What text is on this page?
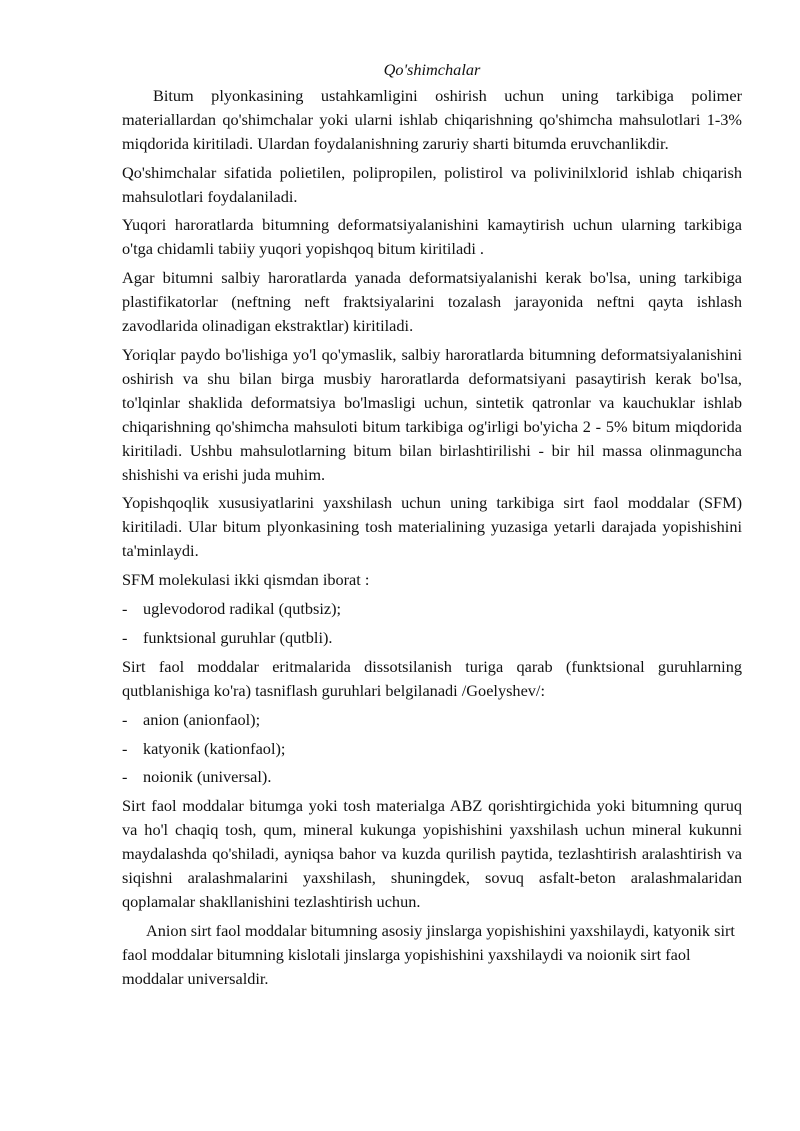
Qo'shimchalar

Bitum plyonkasining ustahkamligini oshirish uchun uning tarkibiga polimer materiallardan qo'shimchalar yoki ularni ishlab chiqarishning qo'shimcha mahsulotlari 1-3% miqdorida kiritiladi. Ulardan foydalanishning zaruriy sharti bitumda eruvchanlikdir.

Qo'shimchalar sifatida polietilen, polipropilen, polistirol va polivinilxlorid ishlab chiqarish mahsulotlari foydalaniladi.

Yuqori haroratlarda bitumning deformatsiyalanishini kamaytirish uchun ularning tarkibiga o'tga chidamli tabiiy yuqori yopishqoq bitum kiritiladi .

Agar bitumni salbiy haroratlarda yanada deformatsiyalanishi kerak bo'lsa, uning tarkibiga plastifikatorlar (neftning neft fraktsiyalarini tozalash jarayonida neftni qayta ishlash zavodlarida olinadigan ekstraktlar) kiritiladi.

Yoriqlar paydo bo'lishiga yo'l qo'ymaslik, salbiy haroratlarda bitumning deformatsiyalanishini oshirish va shu bilan birga musbiy haroratlarda deformatsiyani pasaytirish kerak bo'lsa, to'lqinlar shaklida deformatsiya bo'lmasligi uchun, sintetik qatronlar va kauchuklar ishlab chiqarishning qo'shimcha mahsuloti bitum tarkibiga og'irligi bo'yicha 2 - 5% bitum miqdorida kiritiladi. Ushbu mahsulotlarning bitum bilan birlashtirilishi - bir hil massa olinmaguncha shishishi va erishi juda muhim.

Yopishqoqlik xususiyatlarini yaxshilash uchun uning tarkibiga sirt faol moddalar (SFM) kiritiladi. Ular bitum plyonkasining tosh materialining yuzasiga yetarli darajada yopishishini ta'minlaydi.

SFM molekulasi ikki qismdan iborat :

- uglevodorod radikal (qutbsiz);
- funktsional guruhlar (qutbli).

Sirt faol moddalar eritmalarida dissotsilanish turiga qarab (funktsional guruhlarning qutblanishiga ko'ra) tasniflash guruhlari belgilanadi /Goelyshev/:

- anion (anionfaol);
- katyonik (kationfaol);
- noionik (universal).

Sirt faol moddalar bitumga yoki tosh materialga ABZ qorishtirgichida yoki bitumning quruq va ho'l chaqiq tosh, qum, mineral kukunga yopishishini yaxshilash uchun mineral kukunni maydalashda qo'shiladi, ayniqsa bahor va kuzda qurilish paytida, tezlashtirish aralashtirish va siqishni aralashmalarini yaxshilash, shuningdek, sovuq asfalt-beton aralashmalaridan qoplamalar shakllanishini tezlashtirish uchun.

Anion sirt faol moddalar bitumning asosiy jinslarga yopishishini yaxshilaydi, katyonik sirt faol moddalar bitumning kislotali jinslarga yopishishini yaxshilaydi va noionik sirt faol moddalar universaldir.
